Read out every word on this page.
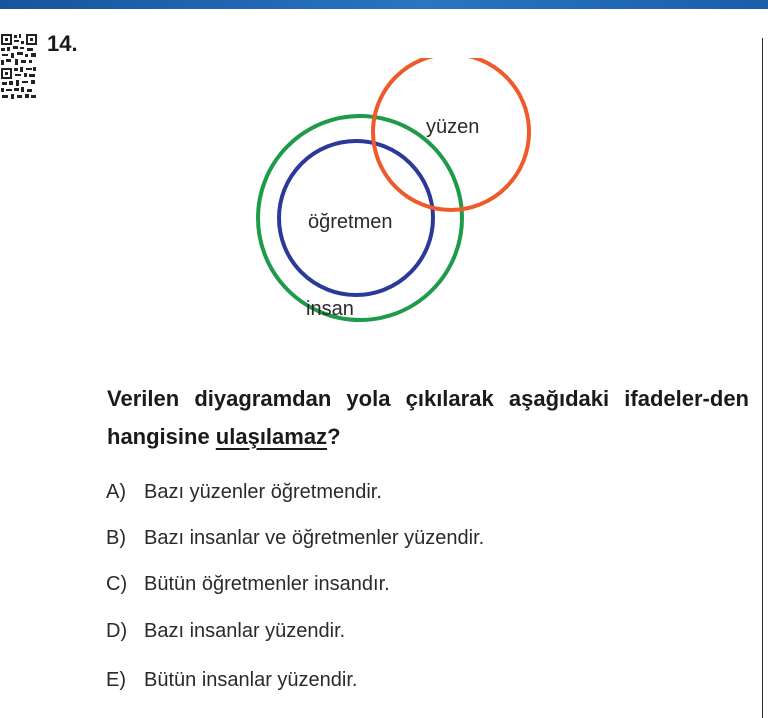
14.
yüzen
öğretmen
insan
Verilen diyagramdan yola çıkılarak aşağıdaki ifadeler-den hangisine ulaşılamaz?
A) Bazı yüzenler öğretmendir.
B) Bazı insanlar ve öğretmenler yüzendir.
C) Bütün öğretmenler insandır.
D) Bazı insanlar yüzendir.
E) Bütün insanlar yüzendir.
